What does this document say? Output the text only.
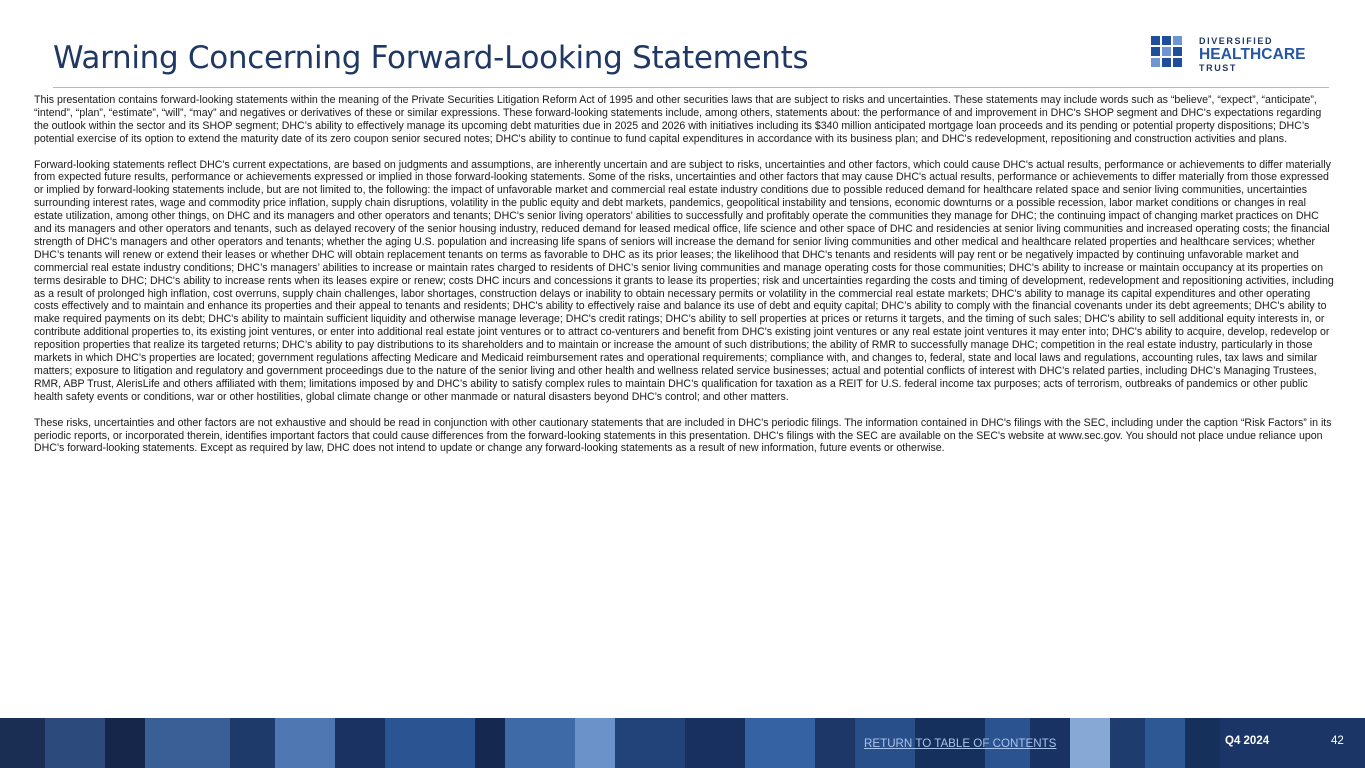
Warning Concerning Forward-Looking Statements	DIVERSIFIED
HEALTHCARE
TRUST

This presentation contains forward-looking statements within the meaning of the Private Securities Litigation Reform Act of 1995 and other securities laws that are subject to risks and uncertainties. These statements may include words such as “believe”, “expect”, “anticipate”, “intend”, “plan”, “estimate”, “will”, “may” and negatives or derivatives of these or similar expressions. These forward-looking statements include, among others, statements about: the performance of and improvement in DHC's SHOP segment and DHC's expectations regarding the outlook within the sector and its SHOP segment; DHC’s ability to effectively manage its upcoming debt maturities due in 2025 and 2026 with initiatives including its $340 million anticipated mortgage loan proceeds and its pending or potential property dispositions; DHC’s potential exercise of its option to extend the maturity date of its zero coupon senior secured notes; DHC's ability to continue to fund capital expenditures in accordance with its business plan; and DHC's redevelopment, repositioning and construction activities and plans.

Forward-looking statements reflect DHC's current expectations, are based on judgments and assumptions, are inherently uncertain and are subject to risks, uncertainties and other factors, which could cause DHC's actual results, performance or achievements to differ materially from expected future results, performance or achievements expressed or implied in those forward-looking statements. Some of the risks, uncertainties and other factors that may cause DHC's actual results, performance or achievements to differ materially from those expressed or implied by forward-looking statements include, but are not limited to, the following: the impact of unfavorable market and commercial real estate industry conditions due to possible reduced demand for healthcare related space and senior living communities, uncertainties surrounding interest rates, wage and commodity price inflation, supply chain disruptions, volatility in the public equity and debt markets, pandemics, geopolitical instability and tensions, economic downturns or a possible recession, labor market conditions or changes in real estate utilization, among other things, on DHC and its managers and other operators and tenants; DHC's senior living operators' abilities to successfully and profitably operate the communities they manage for DHC; the continuing impact of changing market practices on DHC and its managers and other operators and tenants, such as delayed recovery of the senior housing industry, reduced demand for leased medical office, life science and other space of DHC and residencies at senior living communities and increased operating costs; the financial strength of DHC's managers and other operators and tenants; whether the aging U.S. population and increasing life spans of seniors will increase the demand for senior living communities and other medical and healthcare related properties and healthcare services; whether DHC’s tenants will renew or extend their leases or whether DHC will obtain replacement tenants on terms as favorable to DHC as its prior leases; the likelihood that DHC's tenants and residents will pay rent or be negatively impacted by continuing unfavorable market and commercial real estate industry conditions; DHC’s managers’ abilities to increase or maintain rates charged to residents of DHC’s senior living communities and manage operating costs for those communities; DHC's ability to increase or maintain occupancy at its properties on terms desirable to DHC; DHC's ability to increase rents when its leases expire or renew; costs DHC incurs and concessions it grants to lease its properties; risk and uncertainties regarding the costs and timing of development, redevelopment and repositioning activities, including as a result of prolonged high inflation, cost overruns, supply chain challenges, labor shortages, construction delays or inability to obtain necessary permits or volatility in the commercial real estate markets; DHC's ability to manage its capital expenditures and other operating costs effectively and to maintain and enhance its properties and their appeal to tenants and residents; DHC's ability to effectively raise and balance its use of debt and equity capital; DHC’s ability to comply with the financial covenants under its debt agreements; DHC's ability to make required payments on its debt; DHC's ability to maintain sufficient liquidity and otherwise manage leverage; DHC's credit ratings; DHC’s ability to sell properties at prices or returns it targets, and the timing of such sales; DHC's ability to sell additional equity interests in, or contribute additional properties to, its existing joint ventures, or enter into additional real estate joint ventures or to attract co-venturers and benefit from DHC's existing joint ventures or any real estate joint ventures it may enter into; DHC's ability to acquire, develop, redevelop or reposition properties that realize its targeted returns; DHC’s ability to pay distributions to its shareholders and to maintain or increase the amount of such distributions; the ability of RMR to successfully manage DHC; competition in the real estate industry, particularly in those markets in which DHC’s properties are located; government regulations affecting Medicare and Medicaid reimbursement rates and operational requirements; compliance with, and changes to, federal, state and local laws and regulations, accounting rules, tax laws and similar matters; exposure to litigation and regulatory and government proceedings due to the nature of the senior living and other health and wellness related service businesses; actual and potential conflicts of interest with DHC's related parties, including DHC’s Managing Trustees, RMR, ABP Trust, AlerisLife and others affiliated with them; limitations imposed by and DHC’s ability to satisfy complex rules to maintain DHC’s qualification for taxation as a REIT for U.S. federal income tax purposes; acts of terrorism, outbreaks of pandemics or other public health safety events or conditions, war or other hostilities, global climate change or other manmade or natural disasters beyond DHC’s control; and other matters.

These risks, uncertainties and other factors are not exhaustive and should be read in conjunction with other cautionary statements that are included in DHC's periodic filings. The information contained in DHC's filings with the SEC, including under the caption “Risk Factors” in its periodic reports, or incorporated therein, identifies important factors that could cause differences from the forward-looking statements in this presentation. DHC's filings with the SEC are available on the SEC's website at www.sec.gov. You should not place undue reliance upon DHC's forward-looking statements. Except as required by law, DHC does not intend to update or change any forward-looking statements as a result of new information, future events or otherwise.

RETURN TO TABLE OF CONTENTS	Q4 2024	42
